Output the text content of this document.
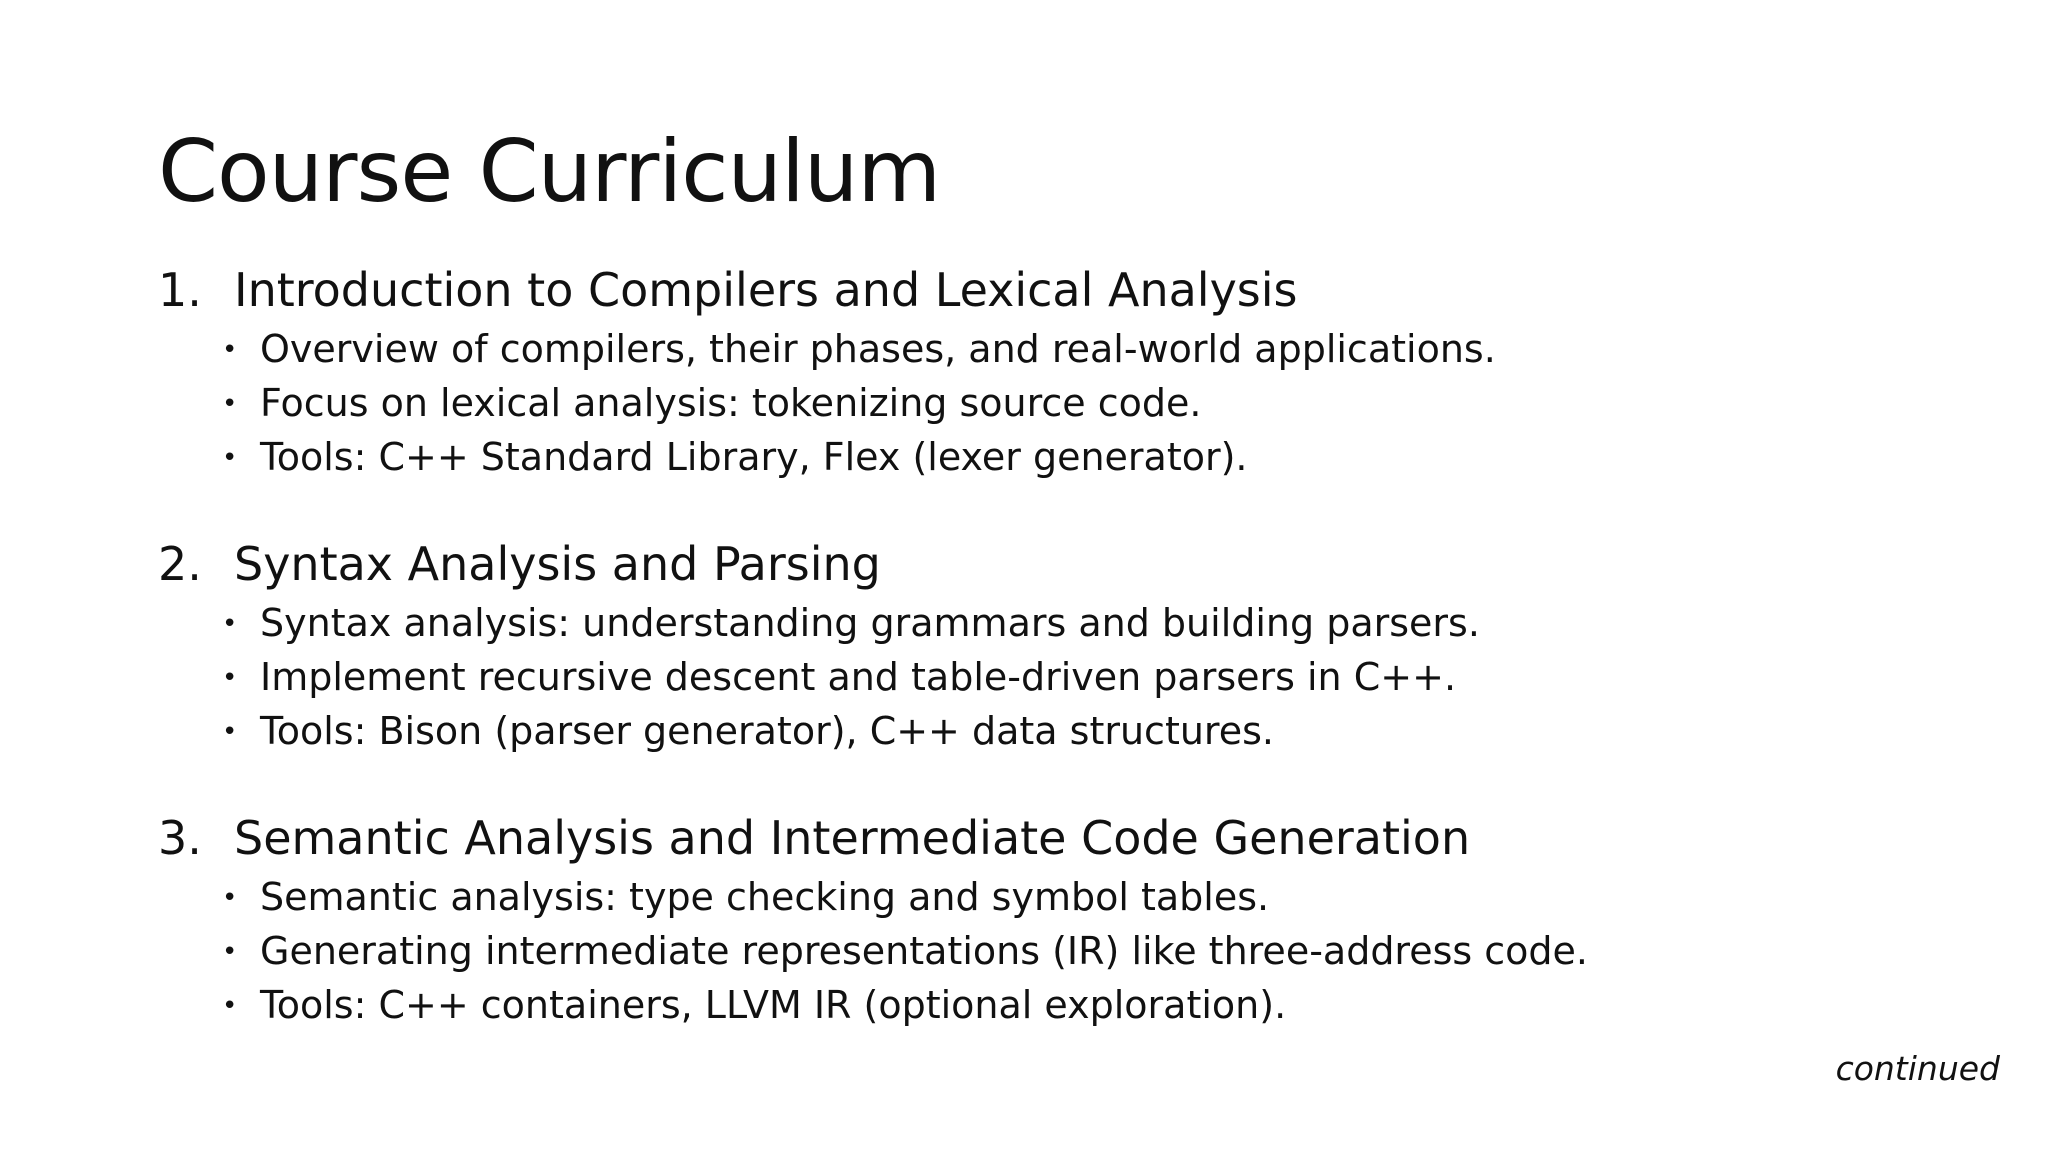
Course Curriculum
1. Introduction to Compilers and Lexical Analysis
• Overview of compilers, their phases, and real-world applications.
• Focus on lexical analysis: tokenizing source code.
• Tools: C++ Standard Library, Flex (lexer generator).
2. Syntax Analysis and Parsing
• Syntax analysis: understanding grammars and building parsers.
• Implement recursive descent and table-driven parsers in C++.
• Tools: Bison (parser generator), C++ data structures.
3. Semantic Analysis and Intermediate Code Generation
• Semantic analysis: type checking and symbol tables.
• Generating intermediate representations (IR) like three-address code.
• Tools: C++ containers, LLVM IR (optional exploration).
continued
